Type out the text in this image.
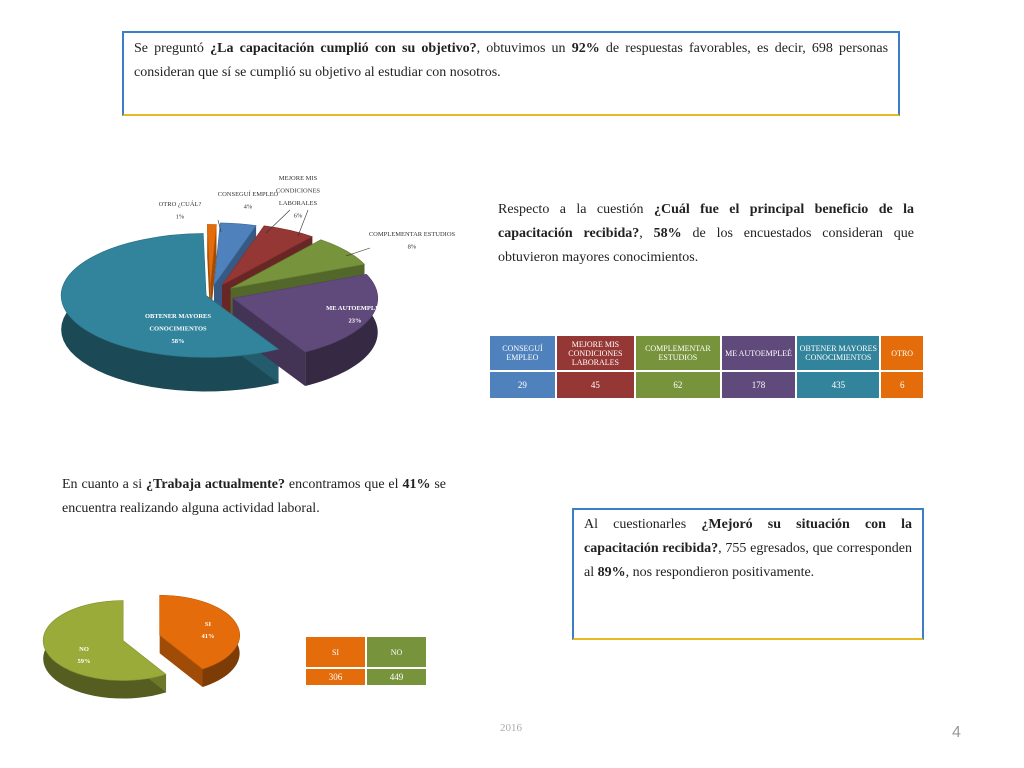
Se preguntó ¿La capacitación cumplió con su objetivo?, obtuvimos un 92% de respuestas favorables, es decir, 698 personas consideran que sí se cumplió su objetivo al estudiar con nosotros.

OTRO ¿CUÁL? 1%
CONSEGUÍ EMPLEO 4%
MEJORE MIS CONDICIONES LABORALES 6%
COMPLEMENTAR ESTUDIOS 8%
ME AUTOEMPLEÉ 23%
OBTENER MAYORES CONOCIMIENTOS 58%

Respecto a la cuestión ¿Cuál fue el principal beneficio de la capacitación recibida?, 58% de los encuestados consideran que obtuvieron mayores conocimientos.

CONSEGUÍ EMPLEO	MEJORE MIS CONDICIONES LABORALES	COMPLEMENTAR ESTUDIOS	ME AUTOEMPLEÉ	OBTENER MAYORES CONOCIMIENTOS	OTRO
29	45	62	178	435	6

En cuanto a si ¿Trabaja actualmente? encontramos que el 41% se encuentra realizando alguna actividad laboral.

Al cuestionarles ¿Mejoró su situación con la capacitación recibida?, 755 egresados, que corresponden al 89%, nos respondieron positivamente.

SI 41%
NO 59%
SI	NO
306	449
2016	4
